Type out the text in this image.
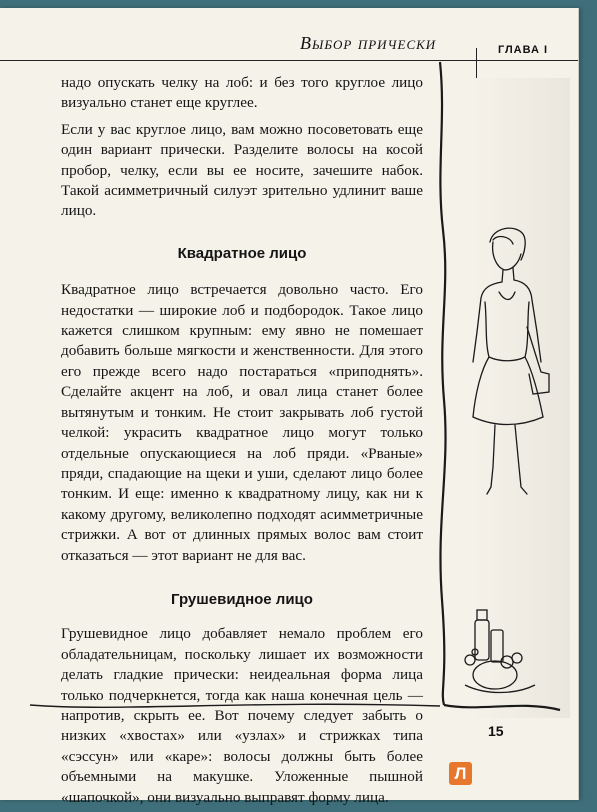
Выбор прически	ГЛАВА I

надо опускать челку на лоб: и без того круглое лицо визуально станет еще круглее.

Если у вас круглое лицо, вам можно посоветовать еще один вариант прически. Разделите волосы на косой пробор, челку, если вы ее носите, зачешите набок. Такой асимметричный силуэт зрительно удлинит ваше лицо.

Квадратное лицо

Квадратное лицо встречается довольно часто. Его недостатки — широкие лоб и подбородок. Такое лицо кажется слишком крупным: ему явно не помешает добавить больше мягкости и женственности. Для этого его прежде всего надо постараться «приподнять». Сделайте акцент на лоб, и овал лица станет более вытянутым и тонким. Не стоит закрывать лоб густой челкой: украсить квадратное лицо могут только отдельные опускающиеся на лоб пряди. «Рваные» пряди, спадающие на щеки и уши, сделают лицо более тонким. И еще: именно к квадратному лицу, как ни к какому другому, великолепно подходят асимметричные стрижки. А вот от длинных прямых волос вам стоит отказаться — этот вариант не для вас.

Грушевидное лицо

Грушевидное лицо добавляет немало проблем его обладательницам, поскольку лишает их возможности делать гладкие прически: неидеальная форма лица только подчеркнется, тогда как наша конечная цель — напротив, скрыть ее. Вот почему следует забыть о низких «хвостах» или «узлах» и стрижках типа «сэссун» или «каре»: волосы должны быть более объемными на макушке. Уложенные пышной «шапочкой», они визуально выправят форму лица.

15
Л
